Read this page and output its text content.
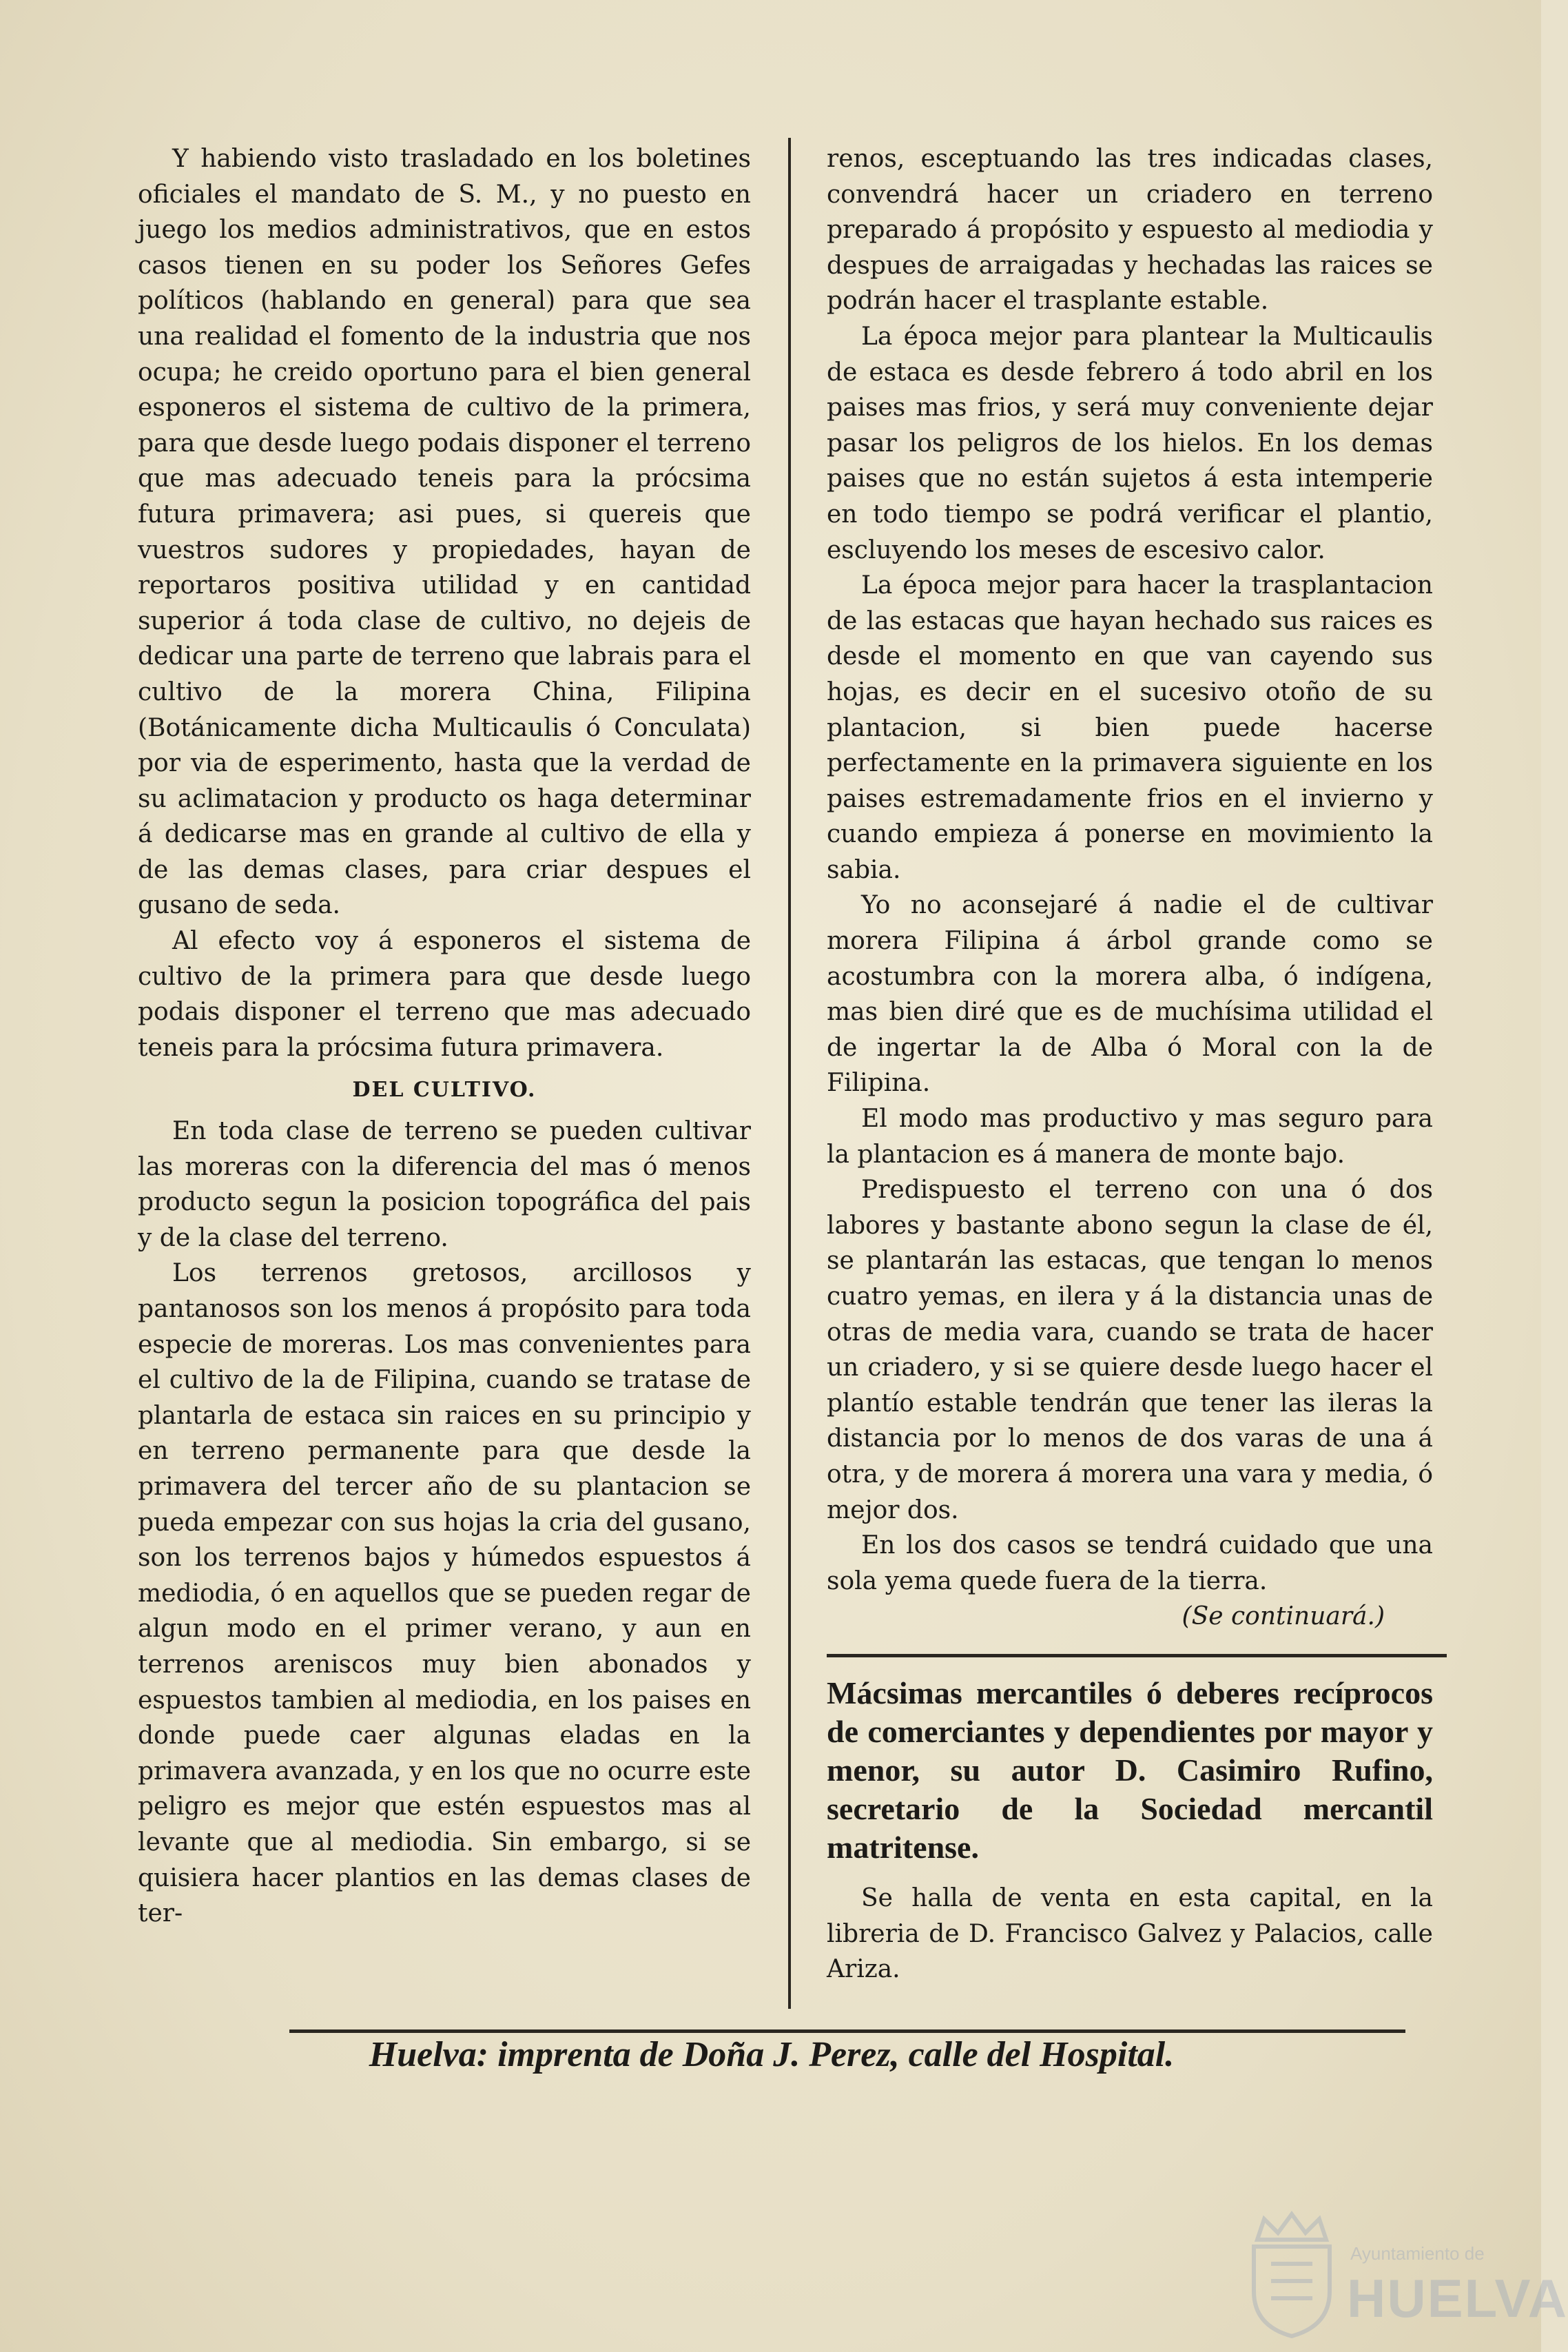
Y habiendo visto trasladado en los boletines oficiales el mandato de S. M., y no puesto en juego los medios administrativos, que en estos casos tienen en su poder los Señores Gefes políticos (hablando en general) para que sea una realidad el fomento de la industria que nos ocupa; he creido oportuno para el bien general esponeros el sistema de cultivo de la primera, para que desde luego podais disponer el terreno que mas adecuado teneis para la prócsima futura primavera; asi pues, si quereis que vuestros sudores y propiedades, hayan de reportaros positiva utilidad y en cantidad superior á toda clase de cultivo, no dejeis de dedicar una parte de terreno que labrais para el cultivo de la morera China, Filipina (Botánicamente dicha Multicaulis ó Conculata) por via de esperimento, hasta que la verdad de su aclimatacion y producto os haga determinar á dedicarse mas en grande al cultivo de ella y de las demas clases, para criar despues el gusano de seda.

Al efecto voy á esponeros el sistema de cultivo de la primera para que desde luego podais disponer el terreno que mas adecuado teneis para la prócsima futura primavera.

DEL CULTIVO.

En toda clase de terreno se pueden cultivar las moreras con la diferencia del mas ó menos producto segun la posicion topográfica del pais y de la clase del terreno.

Los terrenos gretosos, arcillosos y pantanosos son los menos á propósito para toda especie de moreras. Los mas convenientes para el cultivo de la de Filipina, cuando se tratase de plantarla de estaca sin raices en su principio y en terreno permanente para que desde la primavera del tercer año de su plantacion se pueda empezar con sus hojas la cria del gusano, son los terrenos bajos y húmedos espuestos á mediodia, ó en aquellos que se pueden regar de algun modo en el primer verano, y aun en terrenos areniscos muy bien abonados y espuestos tambien al mediodia, en los paises en donde puede caer algunas eladas en la primavera avanzada, y en los que no ocurre este peligro es mejor que estén espuestos mas al levante que al mediodia. Sin embargo, si se quisiera hacer plantios en las demas clases de ter-

renos, esceptuando las tres indicadas clases, convendrá hacer un criadero en terreno preparado á propósito y espuesto al mediodia y despues de arraigadas y hechadas las raices se podrán hacer el trasplante estable.

La época mejor para plantear la Multicaulis de estaca es desde febrero á todo abril en los paises mas frios, y será muy conveniente dejar pasar los peligros de los hielos. En los demas paises que no están sujetos á esta intemperie en todo tiempo se podrá verificar el plantio, escluyendo los meses de escesivo calor.

La época mejor para hacer la trasplantacion de las estacas que hayan hechado sus raices es desde el momento en que van cayendo sus hojas, es decir en el sucesivo otoño de su plantacion, si bien puede hacerse perfectamente en la primavera siguiente en los paises estremadamente frios en el invierno y cuando empieza á ponerse en movimiento la sabia.

Yo no aconsejaré á nadie el de cultivar morera Filipina á árbol grande como se acostumbra con la morera alba, ó indígena, mas bien diré que es de muchísima utilidad el de ingertar la de Alba ó Moral con la de Filipina.

El modo mas productivo y mas seguro para la plantacion es á manera de monte bajo.

Predispuesto el terreno con una ó dos labores y bastante abono segun la clase de él, se plantarán las estacas, que tengan lo menos cuatro yemas, en ilera y á la distancia unas de otras de media vara, cuando se trata de hacer un criadero, y si se quiere desde luego hacer el plantío estable tendrán que tener las ileras la distancia por lo menos de dos varas de una á otra, y de morera á morera una vara y media, ó mejor dos.

En los dos casos se tendrá cuidado que una sola yema quede fuera de la tierra.

(Se continuará.)
Mácsimas mercantiles ó deberes recíprocos de comerciantes y dependientes por mayor y menor, su autor D. Casimiro Rufino, secretario de la Sociedad mercantil matritense.

Se halla de venta en esta capital, en la libreria de D. Francisco Galvez y Palacios, calle Ariza.

Huelva: imprenta de Doña J. Perez, calle del Hospital.
Ayuntamiento de
HUELVA
